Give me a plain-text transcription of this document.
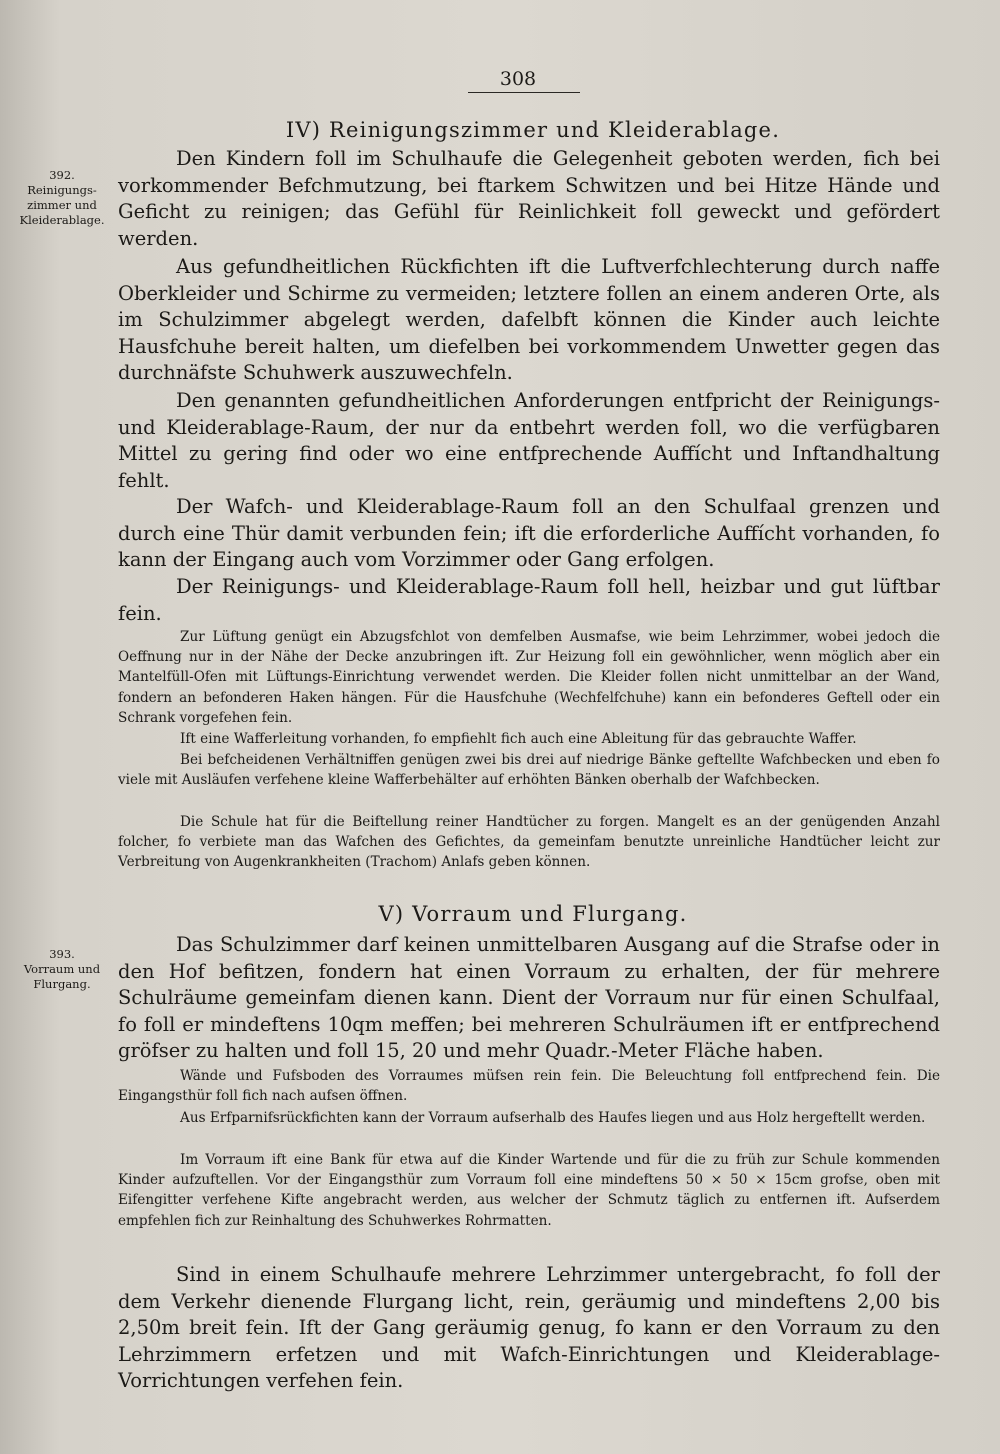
308
IV) Reinigungszimmer und Kleiderablage.
392.
Reinigungs-zimmer und Kleiderablage.

Den Kindern foll im Schulhaufe die Gelegenheit geboten werden, fich bei vorkommender Befchmutzung, bei ftarkem Schwitzen und bei Hitze Hände und Geficht zu reinigen; das Gefühl für Reinlichkeit foll geweckt und gefördert werden.

Aus gefundheitlichen Rückfichten ift die Luftverfchlechterung durch naffe Oberkleider und Schirme zu vermeiden; letztere follen an einem anderen Orte, als im Schulzimmer abgelegt werden, dafelbft können die Kinder auch leichte Hausfchuhe bereit halten, um diefelben bei vorkommendem Unwetter gegen das durchnäfste Schuhwerk auszuwechfeln.

Den genannten gefundheitlichen Anforderungen entfpricht der Reinigungs- und Kleiderablage-Raum, der nur da entbehrt werden foll, wo die verfügbaren Mittel zu gering find oder wo eine entfprechende Auffícht und Inftandhaltung fehlt.

Der Wafch- und Kleiderablage-Raum foll an den Schulfaal grenzen und durch eine Thür damit verbunden fein; ift die erforderliche Auffícht vorhanden, fo kann der Eingang auch vom Vorzimmer oder Gang erfolgen.

Der Reinigungs- und Kleiderablage-Raum foll hell, heizbar und gut lüftbar fein.

Zur Lüftung genügt ein Abzugsfchlot von demfelben Ausmafse, wie beim Lehrzimmer, wobei jedoch die Oeffnung nur in der Nähe der Decke anzubringen ift. Zur Heizung foll ein gewöhnlicher, wenn möglich aber ein Mantelfüll-Ofen mit Lüftungs-Einrichtung verwendet werden. Die Kleider follen nicht unmittelbar an der Wand, fondern an befonderen Haken hängen. Für die Hausfchuhe (Wechfelfchuhe) kann ein befonderes Geftell oder ein Schrank vorgefehen fein.

Ift eine Wafferleitung vorhanden, fo empfiehlt fich auch eine Ableitung für das gebrauchte Waffer.

Bei befcheidenen Verhältniffen genügen zwei bis drei auf niedrige Bänke geftellte Wafchbecken und eben fo viele mit Ausläufen verfehene kleine Wafferbehälter auf erhöhten Bänken oberhalb der Wafchbecken.

Die Schule hat für die Beiftellung reiner Handtücher zu forgen. Mangelt es an der genügenden Anzahl folcher, fo verbiete man das Wafchen des Gefichtes, da gemeinfam benutzte unreinliche Handtücher leicht zur Verbreitung von Augenkrankheiten (Trachom) Anlafs geben können.

V) Vorraum und Flurgang.
393.
Vorraum und Flurgang.

Das Schulzimmer darf keinen unmittelbaren Ausgang auf die Strafse oder in den Hof befitzen, fondern hat einen Vorraum zu erhalten, der für mehrere Schulräume gemeinfam dienen kann. Dient der Vorraum nur für einen Schulfaal, fo foll er mindeftens 10qm meffen; bei mehreren Schulräumen ift er entfprechend gröfser zu halten und foll 15, 20 und mehr Quadr.-Meter Fläche haben.

Wände und Fufsboden des Vorraumes müfsen rein fein. Die Beleuchtung foll entfprechend fein. Die Eingangsthür foll fich nach aufsen öffnen.

Aus Erfparnifsrückfichten kann der Vorraum aufserhalb des Haufes liegen und aus Holz hergeftellt werden.

Im Vorraum ift eine Bank für etwa auf die Kinder Wartende und für die zu früh zur Schule kommenden Kinder aufzuftellen. Vor der Eingangsthür zum Vorraum foll eine mindeftens 50 × 50 × 15cm grofse, oben mit Eifengitter verfehene Kifte angebracht werden, aus welcher der Schmutz täglich zu entfernen ift. Aufserdem empfehlen fich zur Reinhaltung des Schuhwerkes Rohrmatten.

Sind in einem Schulhaufe mehrere Lehrzimmer untergebracht, fo foll der dem Verkehr dienende Flurgang licht, rein, geräumig und mindeftens 2,00 bis 2,50m breit fein. Ift der Gang geräumig genug, fo kann er den Vorraum zu den Lehrzimmern erfetzen und mit Wafch-Einrichtungen und Kleiderablage-Vorrichtungen verfehen fein.
